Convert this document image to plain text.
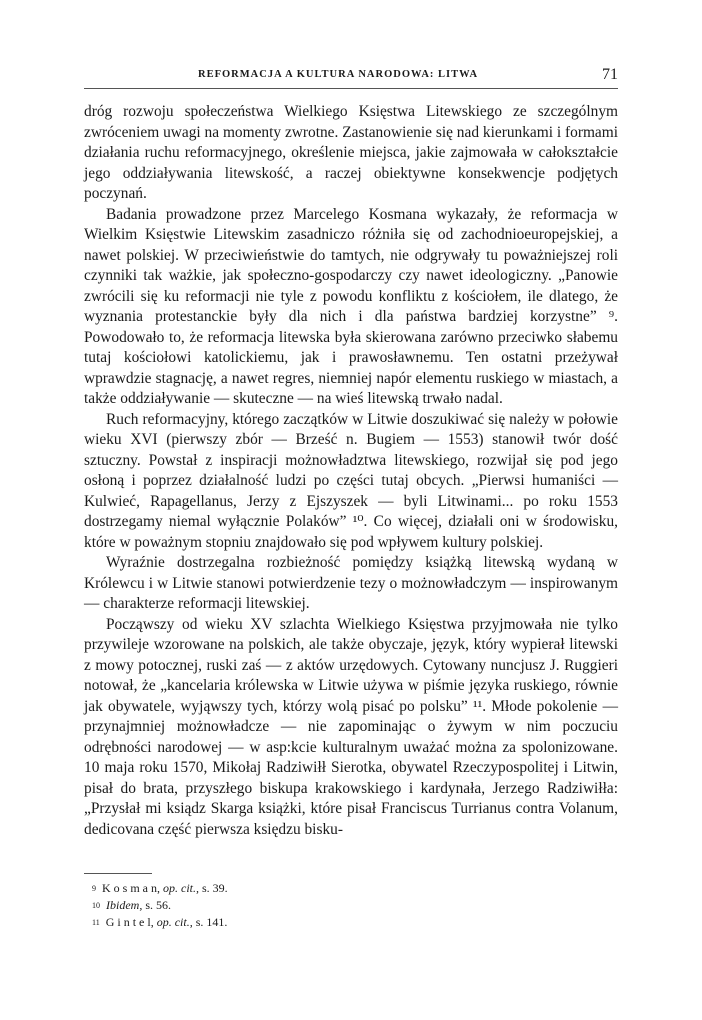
REFORMACJA A KULTURA NARODOWA: LITWA	71

dróg rozwoju społeczeństwa Wielkiego Księstwa Litewskiego ze szczególnym zwróceniem uwagi na momenty zwrotne. Zastanowienie się nad kierunkami i formami działania ruchu reformacyjnego, określenie miejsca, jakie zajmowała w całokształcie jego oddziaływania litewskość, a raczej obiektywne konsekwencje podjętych poczynań.

Badania prowadzone przez Marcelego Kosmana wykazały, że reformacja w Wielkim Księstwie Litewskim zasadniczo różniła się od zachodnioeuropejskiej, a nawet polskiej. W przeciwieństwie do tamtych, nie odgrywały tu poważniejszej roli czynniki tak ważkie, jak społeczno-gospodarczy czy nawet ideologiczny. „Panowie zwrócili się ku reformacji nie tyle z powodu konfliktu z kościołem, ile dlatego, że wyznania protestanckie były dla nich i dla państwa bardziej korzystne” ⁹. Powodowało to, że reformacja litewska była skierowana zarówno przeciwko słabemu tutaj kościołowi katolickiemu, jak i prawosławnemu. Ten ostatni przeżywał wprawdzie stagnację, a nawet regres, niemniej napór elementu ruskiego w miastach, a także oddziaływanie — skuteczne — na wieś litewską trwało nadal.

Ruch reformacyjny, którego zaczątków w Litwie doszukiwać się należy w połowie wieku XVI (pierwszy zbór — Brześć n. Bugiem — 1553) stanowił twór dość sztuczny. Powstał z inspiracji możnowładztwa litewskiego, rozwijał się pod jego osłoną i poprzez działalność ludzi po części tutaj obcych. „Pierwsi humaniści — Kulwieć, Rapagellanus, Jerzy z Ejszyszek — byli Litwinami... po roku 1553 dostrzegamy niemal wyłącznie Polaków” ¹⁰. Co więcej, działali oni w środowisku, które w poważnym stopniu znajdowało się pod wpływem kultury polskiej.

Wyraźnie dostrzegalna rozbieżność pomiędzy książką litewską wydaną w Królewcu i w Litwie stanowi potwierdzenie tezy o możnowładczym — inspirowanym — charakterze reformacji litewskiej.

Począwszy od wieku XV szlachta Wielkiego Księstwa przyjmowała nie tylko przywileje wzorowane na polskich, ale także obyczaje, język, który wypierał litewski z mowy potocznej, ruski zaś — z aktów urzędowych. Cytowany nuncjusz J. Ruggieri notował, że „kancelaria królewska w Litwie używa w piśmie języka ruskiego, równie jak obywatele, wyjąwszy tych, którzy wolą pisać po polsku” ¹¹. Młode pokolenie — przynajmniej możnowładcze — nie zapominając o żywym w nim poczuciu odrębności narodowej — w asp:kcie kulturalnym uważać można za spolonizowane. 10 maja roku 1570, Mikołaj Radziwiłł Sierotka, obywatel Rzeczypospolitej i Litwin, pisał do brata, przyszłego biskupa krakowskiego i kardynała, Jerzego Radziwiłła: „Przysłał mi ksiądz Skarga książki, które pisał Franciscus Turrianus contra Volanum, dedicovana część pierwsza księdzu bisku-

$^9$ K o s m a n, op. cit., s. 39.
$^{10}$ Ibidem, s. 56.
$^{11}$ G i n t e l, op. cit., s. 141.
